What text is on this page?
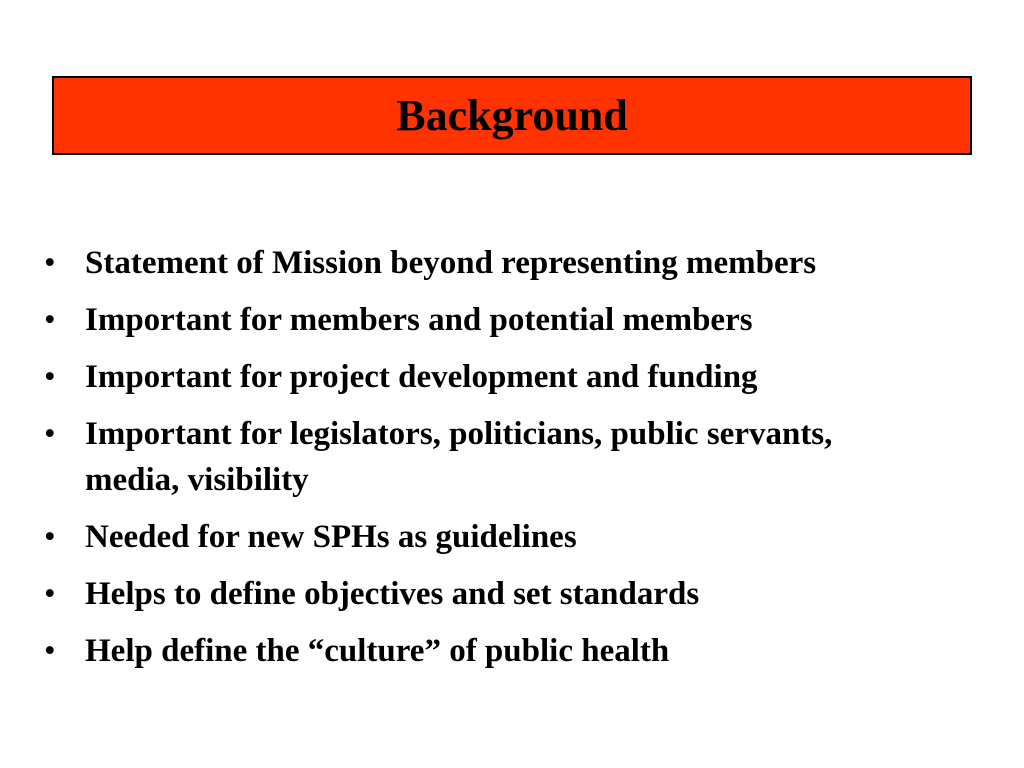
Background
• Statement of Mission beyond representing members
• Important for members and potential members
• Important for project development and funding
• Important for legislators, politicians, public servants, media, visibility
• Needed for new SPHs as guidelines
• Helps to define objectives and set standards
• Help define the “culture” of public health
